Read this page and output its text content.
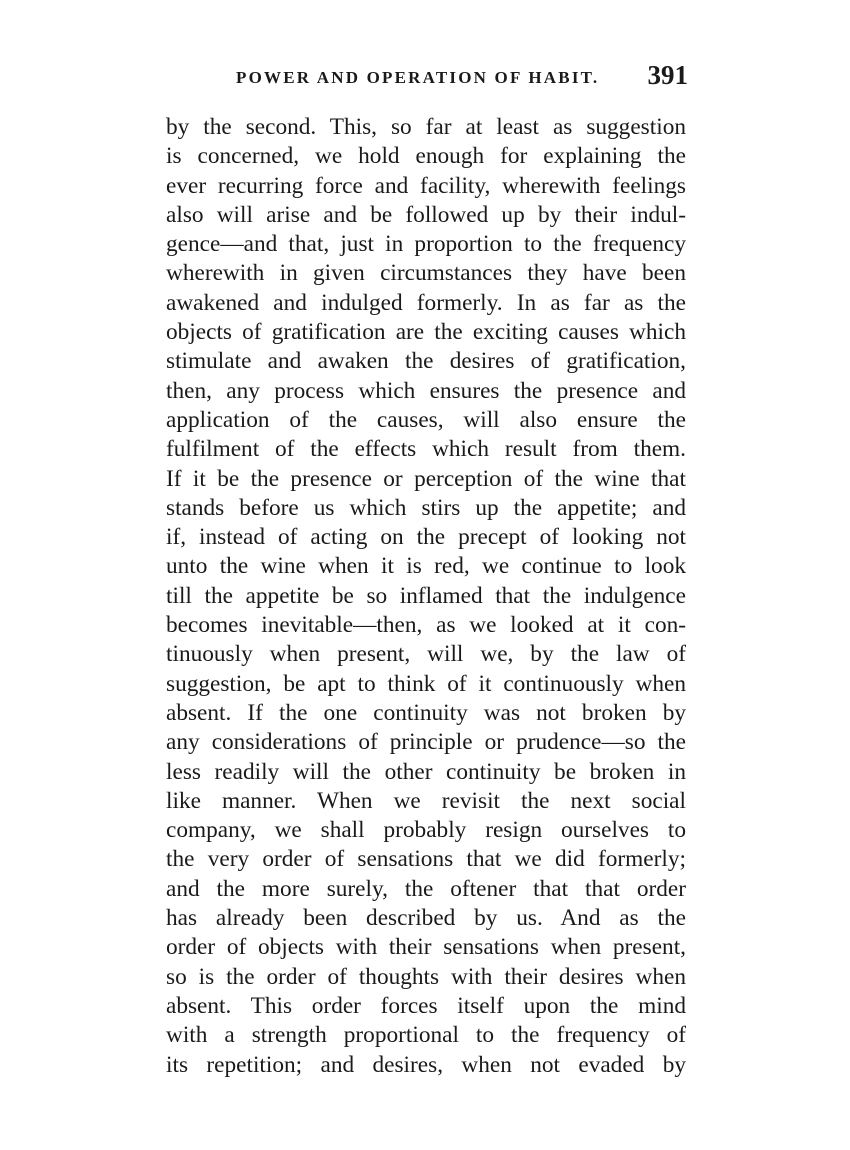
POWER AND OPERATION OF HABIT. 391
by the second. This, so far at least as suggestion
is concerned, we hold enough for explaining the
ever recurring force and facility, wherewith feelings
also will arise and be followed up by their indul-
gence—and that, just in proportion to the frequency
wherewith in given circumstances they have been
awakened and indulged formerly. In as far as the
objects of gratification are the exciting causes which
stimulate and awaken the desires of gratification,
then, any process which ensures the presence and
application of the causes, will also ensure the
fulfilment of the effects which result from them.
If it be the presence or perception of the wine that
stands before us which stirs up the appetite; and
if, instead of acting on the precept of looking not
unto the wine when it is red, we continue to look
till the appetite be so inflamed that the indulgence
becomes inevitable—then, as we looked at it con-
tinuously when present, will we, by the law of
suggestion, be apt to think of it continuously when
absent. If the one continuity was not broken by
any considerations of principle or prudence—so the
less readily will the other continuity be broken in
like manner. When we revisit the next social
company, we shall probably resign ourselves to
the very order of sensations that we did formerly;
and the more surely, the oftener that that order
has already been described by us. And as the
order of objects with their sensations when present,
so is the order of thoughts with their desires when
absent. This order forces itself upon the mind
with a strength proportional to the frequency of
its repetition; and desires, when not evaded by
